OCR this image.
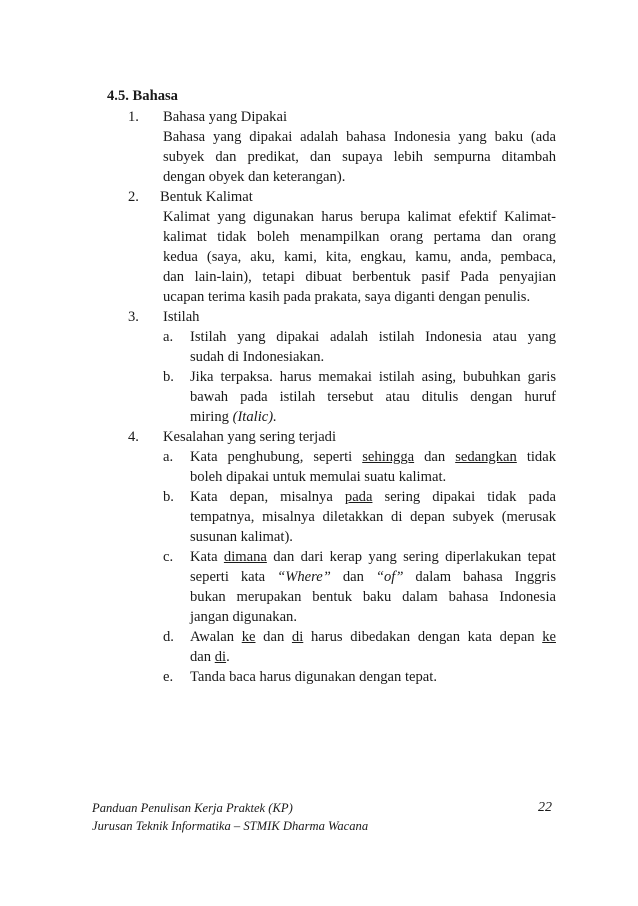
4.5. Bahasa
1. Bahasa yang Dipakai
Bahasa yang dipakai adalah bahasa Indonesia yang baku (ada
subyek dan predikat, dan supaya lebih sempurna ditambah
dengan obyek dan keterangan).
2. Bentuk Kalimat
Kalimat yang digunakan harus berupa kalimat efektif Kalimat-
kalimat tidak boleh menampilkan orang pertama dan orang
kedua (saya, aku, kami, kita, engkau, kamu, anda, pembaca,
dan lain-lain), tetapi dibuat berbentuk pasif Pada penyajian
ucapan terima kasih pada prakata, saya diganti dengan penulis.
3. Istilah
a. Istilah yang dipakai adalah istilah Indonesia atau yang
sudah di Indonesiakan.
b. Jika terpaksa. harus memakai istilah asing, bubuhkan garis
bawah pada istilah tersebut atau ditulis dengan huruf
miring (Italic).
4. Kesalahan yang sering terjadi
a. Kata penghubung, seperti sehingga dan sedangkan tidak
boleh dipakai untuk memulai suatu kalimat.
b. Kata depan, misalnya pada sering dipakai tidak pada
tempatnya, misalnya diletakkan di depan subyek (merusak
susunan kalimat).
c. Kata dimana dan dari kerap yang sering diperlakukan tepat
seperti kata “Where” dan “of” dalam bahasa Inggris
bukan merupakan bentuk baku dalam bahasa Indonesia
jangan digunakan.
d. Awalan ke dan di harus dibedakan dengan kata depan ke
dan di.
e. Tanda baca harus digunakan dengan tepat.
Panduan Penulisan Kerja Praktek (KP)	22
Jurusan Teknik Informatika – STMIK Dharma Wacana
